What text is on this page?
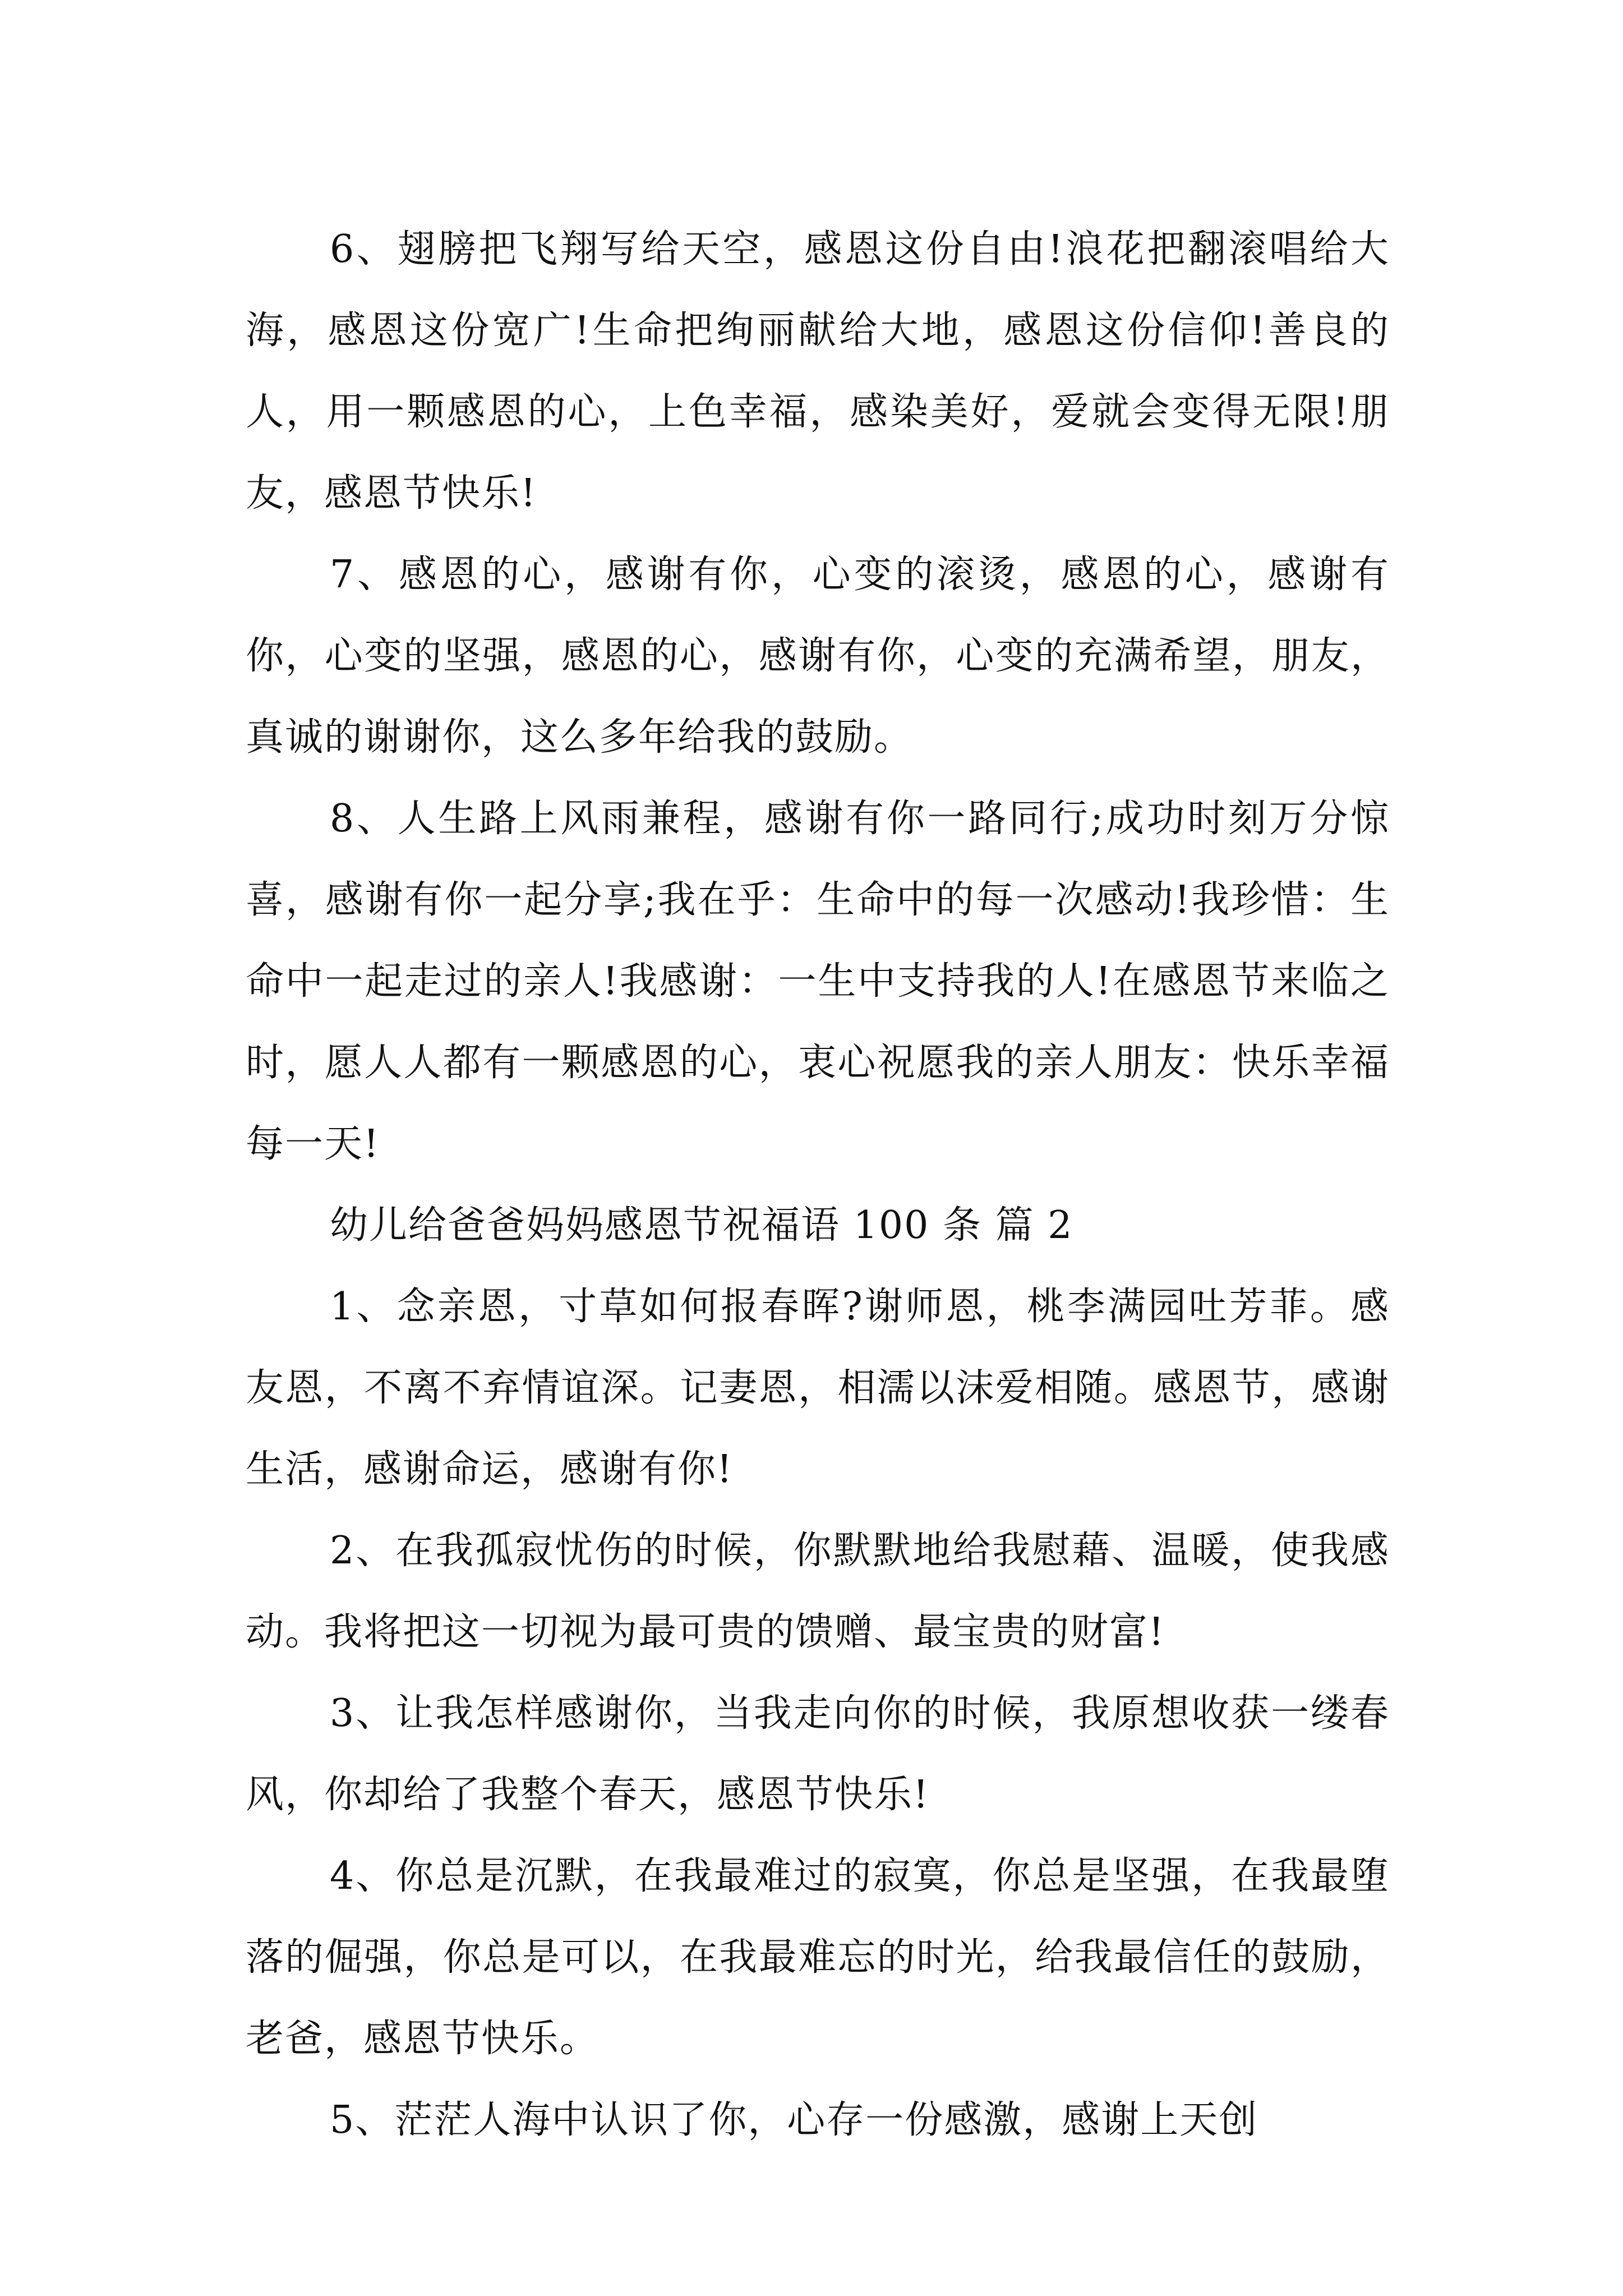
6、翅膀把飞翔写给天空，感恩这份自由!浪花把翻滚唱给大海，感恩这份宽广!生命把绚丽献给大地，感恩这份信仰!善良的人，用一颗感恩的心，上色幸福，感染美好，爱就会变得无限!朋友，感恩节快乐!

7、感恩的心，感谢有你，心变的滚烫，感恩的心，感谢有你，心变的坚强，感恩的心，感谢有你，心变的充满希望，朋友，真诚的谢谢你，这么多年给我的鼓励。

8、人生路上风雨兼程，感谢有你一路同行;成功时刻万分惊喜，感谢有你一起分享;我在乎：生命中的每一次感动!我珍惜：生命中一起走过的亲人!我感谢：一生中支持我的人!在感恩节来临之时，愿人人都有一颗感恩的心，衷心祝愿我的亲人朋友：快乐幸福每一天!

幼儿给爸爸妈妈感恩节祝福语 100 条 篇 2

1、念亲恩，寸草如何报春晖?谢师恩，桃李满园吐芳菲。感友恩，不离不弃情谊深。记妻恩，相濡以沫爱相随。感恩节，感谢生活，感谢命运，感谢有你!

2、在我孤寂忧伤的时候，你默默地给我慰藉、温暖，使我感动。我将把这一切视为最可贵的馈赠、最宝贵的财富!

3、让我怎样感谢你，当我走向你的时候，我原想收获一缕春风，你却给了我整个春天，感恩节快乐!

4、你总是沉默，在我最难过的寂寞，你总是坚强，在我最堕落的倔强，你总是可以，在我最难忘的时光，给我最信任的鼓励，老爸，感恩节快乐。

5、茫茫人海中认识了你，心存一份感激，感谢上天创
